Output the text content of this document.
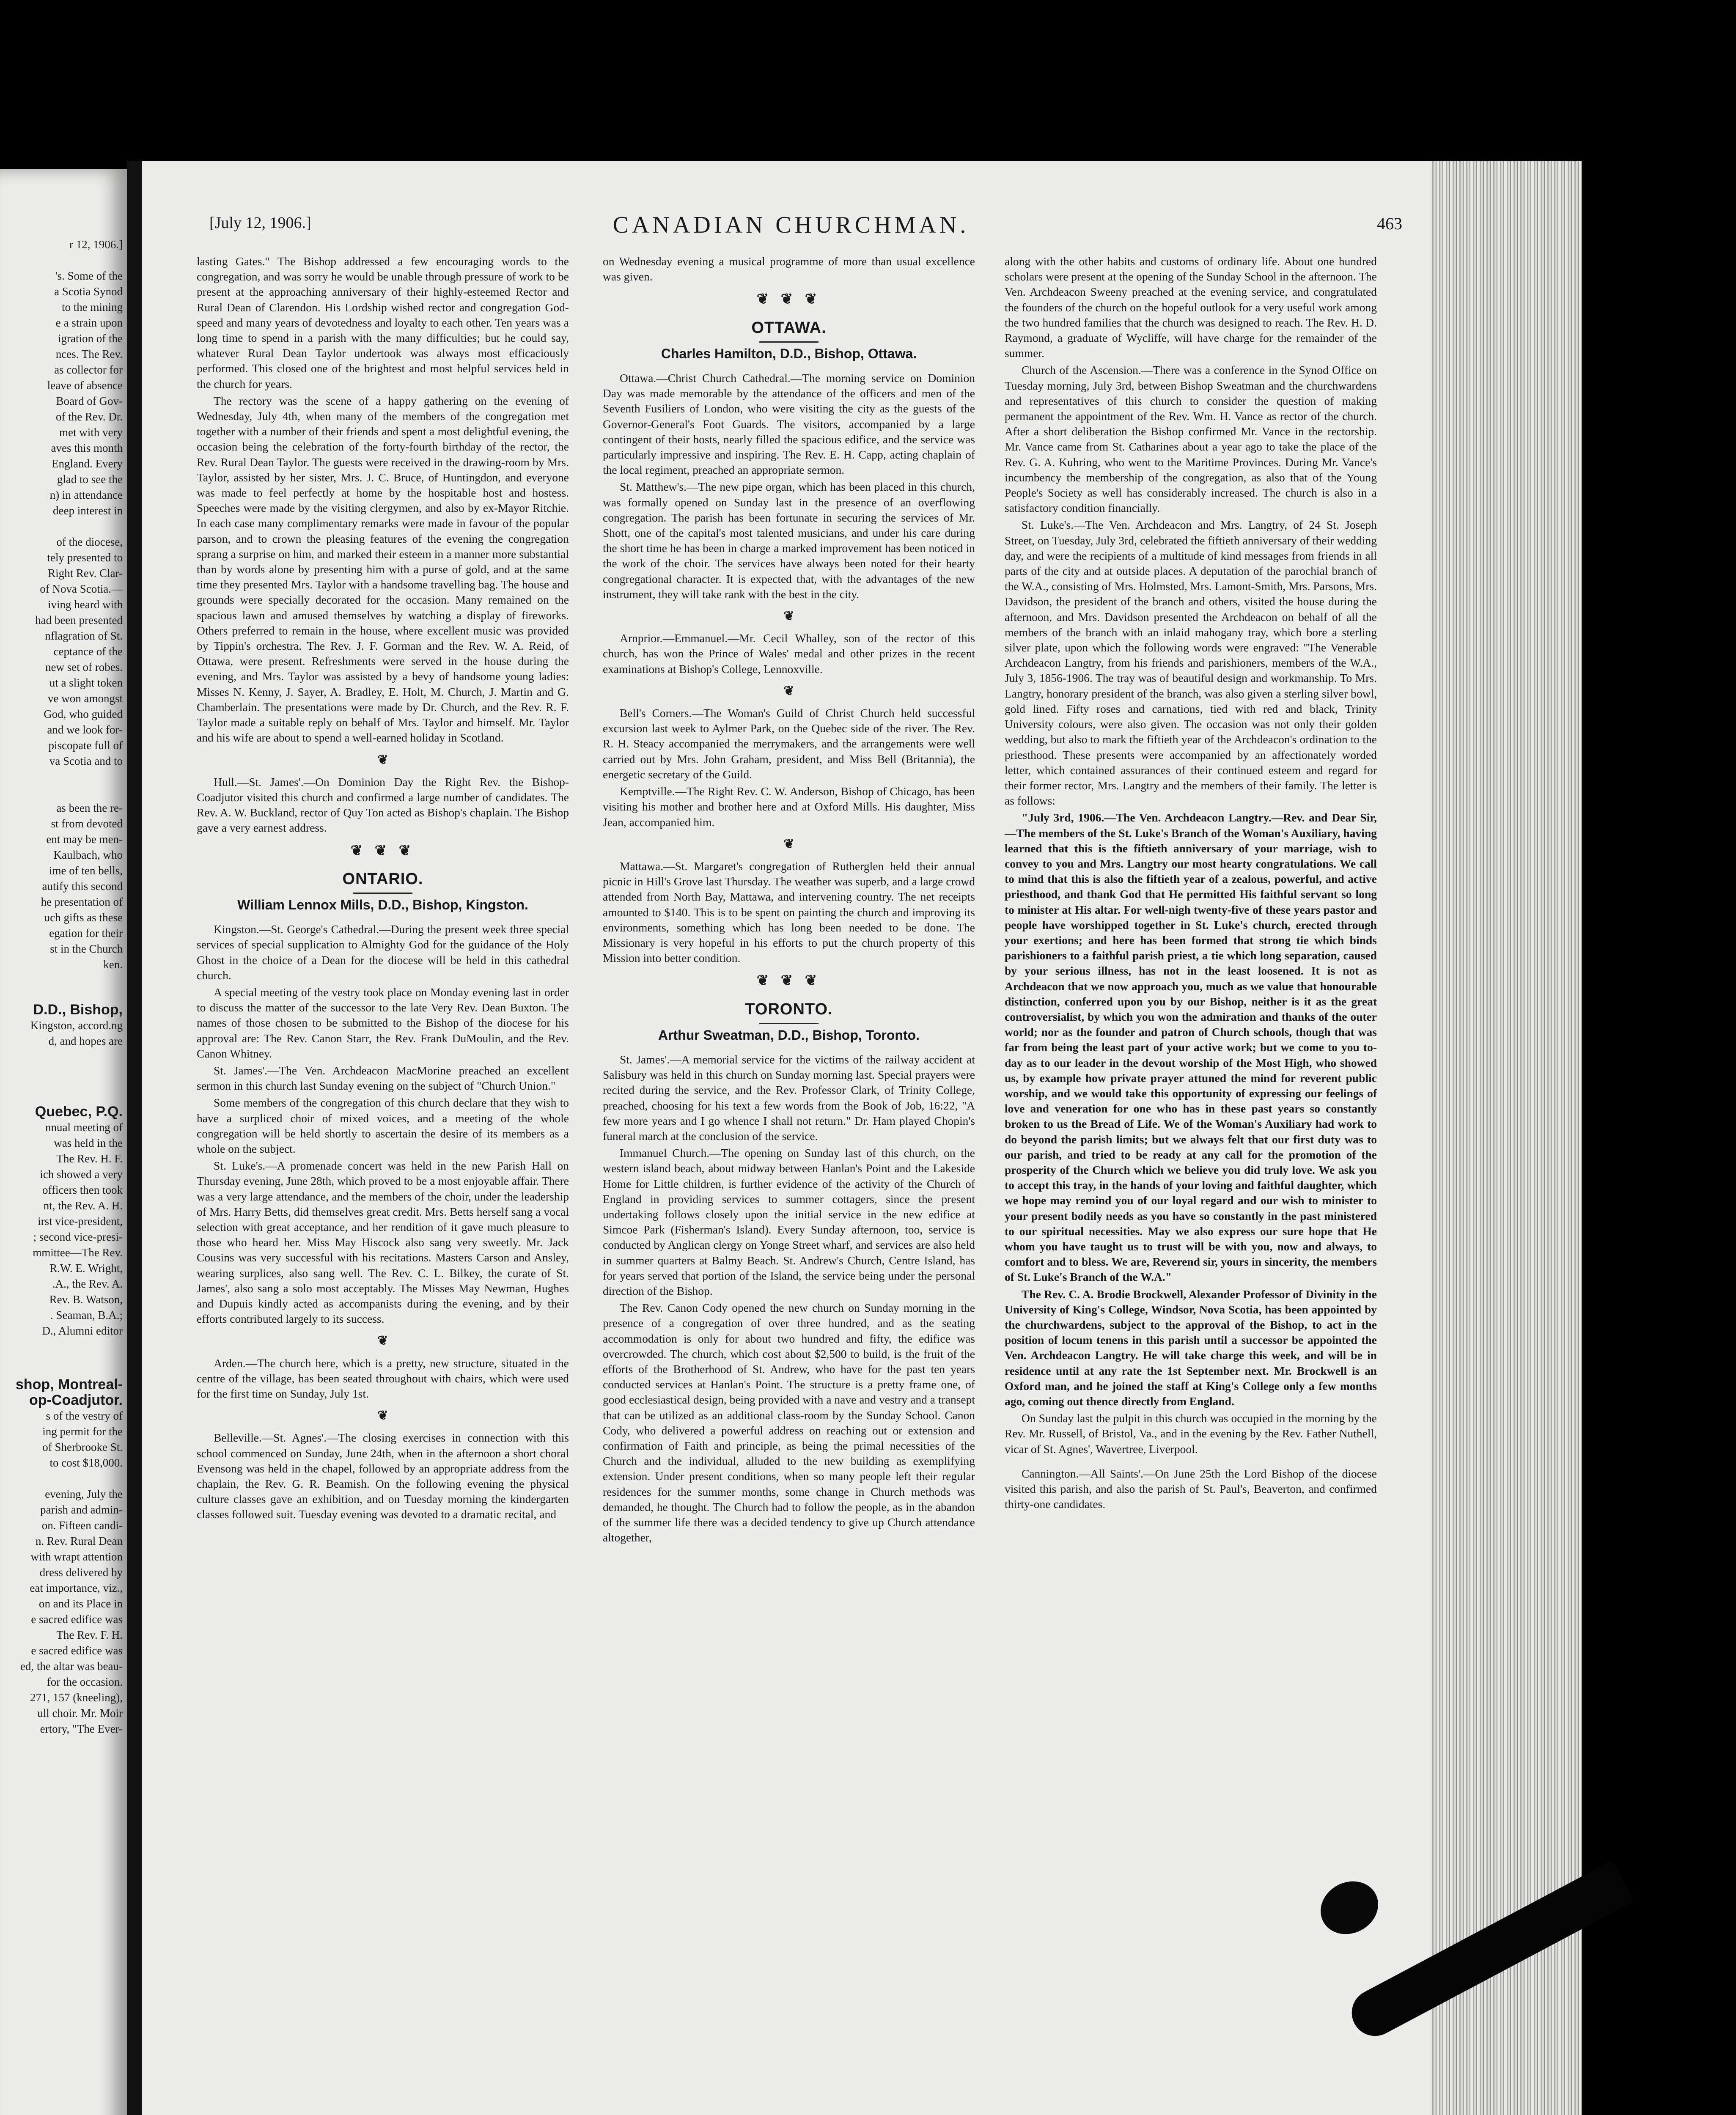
r 12, 1906.]

's. Some of the

a Scotia Synod

to the mining

e a strain upon

igration of the

nces. The Rev.

as collector for

leave of absence

Board of Gov-

of the Rev. Dr.

met with very

aves this month

England. Every

glad to see the

n) in attendance

deep interest in

of the diocese,

tely presented to

Right Rev. Clar-

of Nova Scotia.—

iving heard with

had been presented

nflagration of St.

ceptance of the

new set of robes.

ut a slight token

ve won amongst

God, who guided

and we look for-

piscopate full of

va Scotia and to

as been the re-

st from devoted

ent may be men-

Kaulbach, who

ime of ten bells,

autify this second

he presentation of

uch gifts as these

egation for their

st in the Church

ken.

D.D., Bishop,

Kingston, accord.ng

d, and hopes are

Quebec, P.Q.

nnual meeting of

was held in the

The Rev. H. F.

ich showed a very

officers then took

nt, the Rev. A. H.

irst vice-president,

; second vice-presi-

mmittee—The Rev.

R.W. E. Wright,

.A., the Rev. A.

Rev. B. Watson,

. Seaman, B.A.;

D., Alumni editor

shop, Montreal-

op-Coadjutor.

s of the vestry of

ing permit for the

of Sherbrooke St.

to cost $18,000.

evening, July the

parish and admin-

on. Fifteen candi-

n. Rev. Rural Dean

with wrapt attention

dress delivered by

eat importance, viz.,

on and its Place in

e sacred edifice was

The Rev. F. H.

e sacred edifice was

ed, the altar was beau-

for the occasion.

271, 157 (kneeling),

ull choir. Mr. Moir

ertory, "The Ever-

[July 12, 1906.]	CANADIAN CHURCHMAN.	463

lasting Gates." The Bishop addressed a few encouraging words to the congregation, and was sorry he would be unable through pressure of work to be present at the approaching anniversary of their highly-esteemed Rector and Rural Dean of Clarendon. His Lordship wished rector and congregation God-speed and many years of devotedness and loyalty to each other. Ten years was a long time to spend in a parish with the many difficulties; but he could say, whatever Rural Dean Taylor undertook was always most efficaciously performed. This closed one of the brightest and most helpful services held in the church for years.

The rectory was the scene of a happy gathering on the evening of Wednesday, July 4th, when many of the members of the congregation met together with a number of their friends and spent a most delightful evening, the occasion being the celebration of the forty-fourth birthday of the rector, the Rev. Rural Dean Taylor. The guests were received in the drawing-room by Mrs. Taylor, assisted by her sister, Mrs. J. C. Bruce, of Huntingdon, and everyone was made to feel perfectly at home by the hospitable host and hostess. Speeches were made by the visiting clergymen, and also by ex-Mayor Ritchie. In each case many complimentary remarks were made in favour of the popular parson, and to crown the pleasing features of the evening the congregation sprang a surprise on him, and marked their esteem in a manner more substantial than by words alone by presenting him with a purse of gold, and at the same time they presented Mrs. Taylor with a handsome travelling bag. The house and grounds were specially decorated for the occasion. Many remained on the spacious lawn and amused themselves by watching a display of fireworks. Others preferred to remain in the house, where excellent music was provided by Tippin's orchestra. The Rev. J. F. Gorman and the Rev. W. A. Reid, of Ottawa, were present. Refreshments were served in the house during the evening, and Mrs. Taylor was assisted by a bevy of handsome young ladies: Misses N. Kenny, J. Sayer, A. Bradley, E. Holt, M. Church, J. Martin and G. Chamberlain. The presentations were made by Dr. Church, and the Rev. R. F. Taylor made a suitable reply on behalf of Mrs. Taylor and himself. Mr. Taylor and his wife are about to spend a well-earned holiday in Scotland.

❦

Hull.—St. James'.—On Dominion Day the Right Rev. the Bishop-Coadjutor visited this church and confirmed a large number of candidates. The Rev. A. W. Buckland, rector of Quy Ton acted as Bishop's chaplain. The Bishop gave a very earnest address.

❦ ❦ ❦
ONTARIO.
William Lennox Mills, D.D., Bishop, Kingston.

Kingston.—St. George's Cathedral.—During the present week three special services of special supplication to Almighty God for the guidance of the Holy Ghost in the choice of a Dean for the diocese will be held in this cathedral church.

A special meeting of the vestry took place on Monday evening last in order to discuss the matter of the successor to the late Very Rev. Dean Buxton. The names of those chosen to be submitted to the Bishop of the diocese for his approval are: The Rev. Canon Starr, the Rev. Frank DuMoulin, and the Rev. Canon Whitney.

St. James'.—The Ven. Archdeacon MacMorine preached an excellent sermon in this church last Sunday evening on the subject of "Church Union."

Some members of the congregation of this church declare that they wish to have a surpliced choir of mixed voices, and a meeting of the whole congregation will be held shortly to ascertain the desire of its members as a whole on the subject.

St. Luke's.—A promenade concert was held in the new Parish Hall on Thursday evening, June 28th, which proved to be a most enjoyable affair. There was a very large attendance, and the members of the choir, under the leadership of Mrs. Harry Betts, did themselves great credit. Mrs. Betts herself sang a vocal selection with great acceptance, and her rendition of it gave much pleasure to those who heard her. Miss May Hiscock also sang very sweetly. Mr. Jack Cousins was very successful with his recitations. Masters Carson and Ansley, wearing surplices, also sang well. The Rev. C. L. Bilkey, the curate of St. James', also sang a solo most acceptably. The Misses May Newman, Hughes and Dupuis kindly acted as accompanists during the evening, and by their efforts contributed largely to its success.

❦

Arden.—The church here, which is a pretty, new structure, situated in the centre of the village, has been seated throughout with chairs, which were used for the first time on Sunday, July 1st.

❦

Belleville.—St. Agnes'.—The closing exercises in connection with this school commenced on Sunday, June 24th, when in the afternoon a short choral Evensong was held in the chapel, followed by an appropriate address from the chaplain, the Rev. G. R. Beamish. On the following evening the physical culture classes gave an exhibition, and on Tuesday morning the kindergarten classes followed suit. Tuesday evening was devoted to a dramatic recital, and

on Wednesday evening a musical programme of more than usual excellence was given.

❦ ❦ ❦
OTTAWA.
Charles Hamilton, D.D., Bishop, Ottawa.

Ottawa.—Christ Church Cathedral.—The morning service on Dominion Day was made memorable by the attendance of the officers and men of the Seventh Fusiliers of London, who were visiting the city as the guests of the Governor-General's Foot Guards. The visitors, accompanied by a large contingent of their hosts, nearly filled the spacious edifice, and the service was particularly impressive and inspiring. The Rev. E. H. Capp, acting chaplain of the local regiment, preached an appropriate sermon.

St. Matthew's.—The new pipe organ, which has been placed in this church, was formally opened on Sunday last in the presence of an overflowing congregation. The parish has been fortunate in securing the services of Mr. Shott, one of the capital's most talented musicians, and under his care during the short time he has been in charge a marked improvement has been noticed in the work of the choir. The services have always been noted for their hearty congregational character. It is expected that, with the advantages of the new instrument, they will take rank with the best in the city.

❦

Arnprior.—Emmanuel.—Mr. Cecil Whalley, son of the rector of this church, has won the Prince of Wales' medal and other prizes in the recent examinations at Bishop's College, Lennoxville.

❦

Bell's Corners.—The Woman's Guild of Christ Church held successful excursion last week to Aylmer Park, on the Quebec side of the river. The Rev. R. H. Steacy accompanied the merrymakers, and the arrangements were well carried out by Mrs. John Graham, president, and Miss Bell (Britannia), the energetic secretary of the Guild.

Kemptville.—The Right Rev. C. W. Anderson, Bishop of Chicago, has been visiting his mother and brother here and at Oxford Mills. His daughter, Miss Jean, accompanied him.

❦

Mattawa.—St. Margaret's congregation of Rutherglen held their annual picnic in Hill's Grove last Thursday. The weather was superb, and a large crowd attended from North Bay, Mattawa, and intervening country. The net receipts amounted to $140. This is to be spent on painting the church and improving its environments, something which has long been needed to be done. The Missionary is very hopeful in his efforts to put the church property of this Mission into better condition.

❦ ❦ ❦
TORONTO.
Arthur Sweatman, D.D., Bishop, Toronto.

St. James'.—A memorial service for the victims of the railway accident at Salisbury was held in this church on Sunday morning last. Special prayers were recited during the service, and the Rev. Professor Clark, of Trinity College, preached, choosing for his text a few words from the Book of Job, 16:22, "A few more years and I go whence I shall not return." Dr. Ham played Chopin's funeral march at the conclusion of the service.

Immanuel Church.—The opening on Sunday last of this church, on the western island beach, about midway between Hanlan's Point and the Lakeside Home for Little children, is further evidence of the activity of the Church of England in providing services to summer cottagers, since the present undertaking follows closely upon the initial service in the new edifice at Simcoe Park (Fisherman's Island). Every Sunday afternoon, too, service is conducted by Anglican clergy on Yonge Street wharf, and services are also held in summer quarters at Balmy Beach. St. Andrew's Church, Centre Island, has for years served that portion of the Island, the service being under the personal direction of the Bishop.

The Rev. Canon Cody opened the new church on Sunday morning in the presence of a congregation of over three hundred, and as the seating accommodation is only for about two hundred and fifty, the edifice was overcrowded. The church, which cost about $2,500 to build, is the fruit of the efforts of the Brotherhood of St. Andrew, who have for the past ten years conducted services at Hanlan's Point. The structure is a pretty frame one, of good ecclesiastical design, being provided with a nave and vestry and a transept that can be utilized as an additional class-room by the Sunday School. Canon Cody, who delivered a powerful address on reaching out or extension and confirmation of Faith and principle, as being the primal necessities of the Church and the individual, alluded to the new building as exemplifying extension. Under present conditions, when so many people left their regular residences for the summer months, some change in Church methods was demanded, he thought. The Church had to follow the people, as in the abandon of the summer life there was a decided tendency to give up Church attendance altogether,

along with the other habits and customs of ordinary life. About one hundred scholars were present at the opening of the Sunday School in the afternoon. The Ven. Archdeacon Sweeny preached at the evening service, and congratulated the founders of the church on the hopeful outlook for a very useful work among the two hundred families that the church was designed to reach. The Rev. H. D. Raymond, a graduate of Wycliffe, will have charge for the remainder of the summer.

Church of the Ascension.—There was a conference in the Synod Office on Tuesday morning, July 3rd, between Bishop Sweatman and the churchwardens and representatives of this church to consider the question of making permanent the appointment of the Rev. Wm. H. Vance as rector of the church. After a short deliberation the Bishop confirmed Mr. Vance in the rectorship. Mr. Vance came from St. Catharines about a year ago to take the place of the Rev. G. A. Kuhring, who went to the Maritime Provinces. During Mr. Vance's incumbency the membership of the congregation, as also that of the Young People's Society as well has considerably increased. The church is also in a satisfactory condition financially.

St. Luke's.—The Ven. Archdeacon and Mrs. Langtry, of 24 St. Joseph Street, on Tuesday, July 3rd, celebrated the fiftieth anniversary of their wedding day, and were the recipients of a multitude of kind messages from friends in all parts of the city and at outside places. A deputation of the parochial branch of the W.A., consisting of Mrs. Holmsted, Mrs. Lamont-Smith, Mrs. Parsons, Mrs. Davidson, the president of the branch and others, visited the house during the afternoon, and Mrs. Davidson presented the Archdeacon on behalf of all the members of the branch with an inlaid mahogany tray, which bore a sterling silver plate, upon which the following words were engraved: "The Venerable Archdeacon Langtry, from his friends and parishioners, members of the W.A., July 3, 1856-1906. The tray was of beautiful design and workmanship. To Mrs. Langtry, honorary president of the branch, was also given a sterling silver bowl, gold lined. Fifty roses and carnations, tied with red and black, Trinity University colours, were also given. The occasion was not only their golden wedding, but also to mark the fiftieth year of the Archdeacon's ordination to the priesthood. These presents were accompanied by an affectionately worded letter, which contained assurances of their continued esteem and regard for their former rector, Mrs. Langtry and the members of their family. The letter is as follows:

"July 3rd, 1906.—The Ven. Archdeacon Langtry.—Rev. and Dear Sir,—The members of the St. Luke's Branch of the Woman's Auxiliary, having learned that this is the fiftieth anniversary of your marriage, wish to convey to you and Mrs. Langtry our most hearty congratulations. We call to mind that this is also the fiftieth year of a zealous, powerful, and active priesthood, and thank God that He permitted His faithful servant so long to minister at His altar. For well-nigh twenty-five of these years pastor and people have worshipped together in St. Luke's church, erected through your exertions; and here has been formed that strong tie which binds parishioners to a faithful parish priest, a tie which long separation, caused by your serious illness, has not in the least loosened. It is not as Archdeacon that we now approach you, much as we value that honourable distinction, conferred upon you by our Bishop, neither is it as the great controversialist, by which you won the admiration and thanks of the outer world; nor as the founder and patron of Church schools, though that was far from being the least part of your active work; but we come to you to-day as to our leader in the devout worship of the Most High, who showed us, by example how private prayer attuned the mind for reverent public worship, and we would take this opportunity of expressing our feelings of love and veneration for one who has in these past years so constantly broken to us the Bread of Life. We of the Woman's Auxiliary had work to do beyond the parish limits; but we always felt that our first duty was to our parish, and tried to be ready at any call for the promotion of the prosperity of the Church which we believe you did truly love. We ask you to accept this tray, in the hands of your loving and faithful daughter, which we hope may remind you of our loyal regard and our wish to minister to your present bodily needs as you have so constantly in the past ministered to our spiritual necessities. May we also express our sure hope that He whom you have taught us to trust will be with you, now and always, to comfort and to bless. We are, Reverend sir, yours in sincerity, the members of St. Luke's Branch of the W.A."

The Rev. C. A. Brodie Brockwell, Alexander Professor of Divinity in the University of King's College, Windsor, Nova Scotia, has been appointed by the churchwardens, subject to the approval of the Bishop, to act in the position of locum tenens in this parish until a successor be appointed the Ven. Archdeacon Langtry. He will take charge this week, and will be in residence until at any rate the 1st September next. Mr. Brockwell is an Oxford man, and he joined the staff at King's College only a few months ago, coming out thence directly from England.

On Sunday last the pulpit in this church was occupied in the morning by the Rev. Mr. Russell, of Bristol, Va., and in the evening by the Rev. Father Nuthell, vicar of St. Agnes', Wavertree, Liverpool.

Cannington.—All Saints'.—On June 25th the Lord Bishop of the diocese visited this parish, and also the parish of St. Paul's, Beaverton, and confirmed thirty-one candidates.
